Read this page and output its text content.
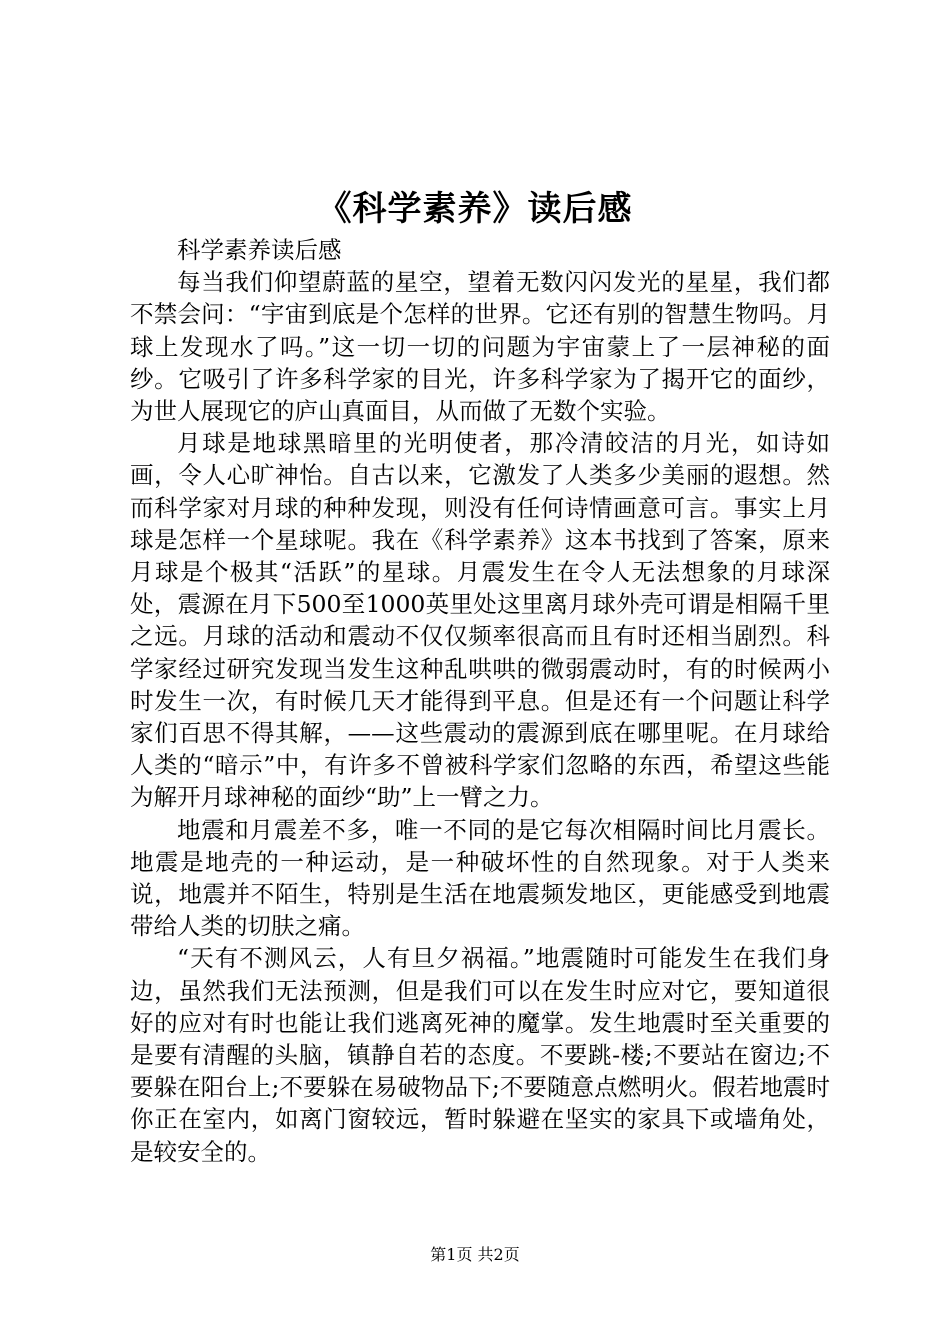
《科学素养》读后感

科学素养读后感

每当我们仰望蔚蓝的星空，望着无数闪闪发光的星星，我们都不禁会问：“宇宙到底是个怎样的世界。它还有别的智慧生物吗。月球上发现水了吗。”这一切一切的问题为宇宙蒙上了一层神秘的面纱。它吸引了许多科学家的目光，许多科学家为了揭开它的面纱，为世人展现它的庐山真面目，从而做了无数个实验。

月球是地球黑暗里的光明使者，那冷清皎洁的月光，如诗如画，令人心旷神怡。自古以来，它激发了人类多少美丽的遐想。然而科学家对月球的种种发现，则没有任何诗情画意可言。事实上月球是怎样一个星球呢。我在《科学素养》这本书找到了答案，原来月球是个极其“活跃”的星球。月震发生在令人无法想象的月球深处，震源在月下500至1000英里处这里离月球外壳可谓是相隔千里之远。月球的活动和震动不仅仅频率很高而且有时还相当剧烈。科学家经过研究发现当发生这种乱哄哄的微弱震动时，有的时候两小时发生一次，有时候几天才能得到平息。但是还有一个问题让科学家们百思不得其解，——这些震动的震源到底在哪里呢。在月球给人类的“暗示”中，有许多不曾被科学家们忽略的东西，希望这些能为解开月球神秘的面纱“助”上一臂之力。

地震和月震差不多，唯一不同的是它每次相隔时间比月震长。地震是地壳的一种运动，是一种破坏性的自然现象。对于人类来说，地震并不陌生，特别是生活在地震频发地区，更能感受到地震带给人类的切肤之痛。

“天有不测风云，人有旦夕祸福。”地震随时可能发生在我们身边，虽然我们无法预测，但是我们可以在发生时应对它，要知道很好的应对有时也能让我们逃离死神的魔掌。发生地震时至关重要的是要有清醒的头脑，镇静自若的态度。不要跳-楼;不要站在窗边;不要躲在阳台上;不要躲在易破物品下;不要随意点燃明火。假若地震时你正在室内，如离门窗较远，暂时躲避在坚实的家具下或墙角处，是较安全的。

第1页 共2页
